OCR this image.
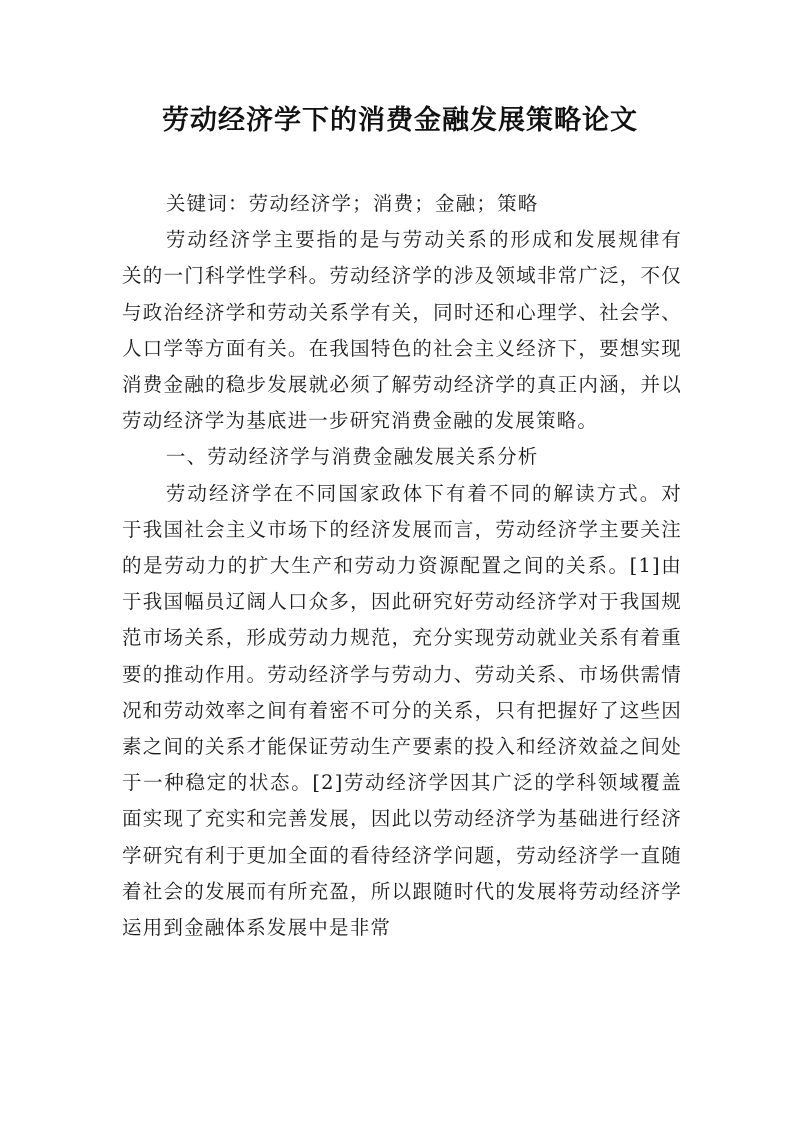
劳动经济学下的消费金融发展策略论文

关键词：劳动经济学；消费；金融；策略

劳动经济学主要指的是与劳动关系的形成和发展规律有关的一门科学性学科。劳动经济学的涉及领域非常广泛，不仅与政治经济学和劳动关系学有关，同时还和心理学、社会学、人口学等方面有关。在我国特色的社会主义经济下，要想实现消费金融的稳步发展就必须了解劳动经济学的真正内涵，并以劳动经济学为基底进一步研究消费金融的发展策略。

一、劳动经济学与消费金融发展关系分析

劳动经济学在不同国家政体下有着不同的解读方式。对于我国社会主义市场下的经济发展而言，劳动经济学主要关注的是劳动力的扩大生产和劳动力资源配置之间的关系。[1]由于我国幅员辽阔人口众多，因此研究好劳动经济学对于我国规范市场关系，形成劳动力规范，充分实现劳动就业关系有着重要的推动作用。劳动经济学与劳动力、劳动关系、市场供需情况和劳动效率之间有着密不可分的关系，只有把握好了这些因素之间的关系才能保证劳动生产要素的投入和经济效益之间处于一种稳定的状态。[2]劳动经济学因其广泛的学科领域覆盖面实现了充实和完善发展，因此以劳动经济学为基础进行经济学研究有利于更加全面的看待经济学问题，劳动经济学一直随着社会的发展而有所充盈，所以跟随时代的发展将劳动经济学运用到金融体系发展中是非常
